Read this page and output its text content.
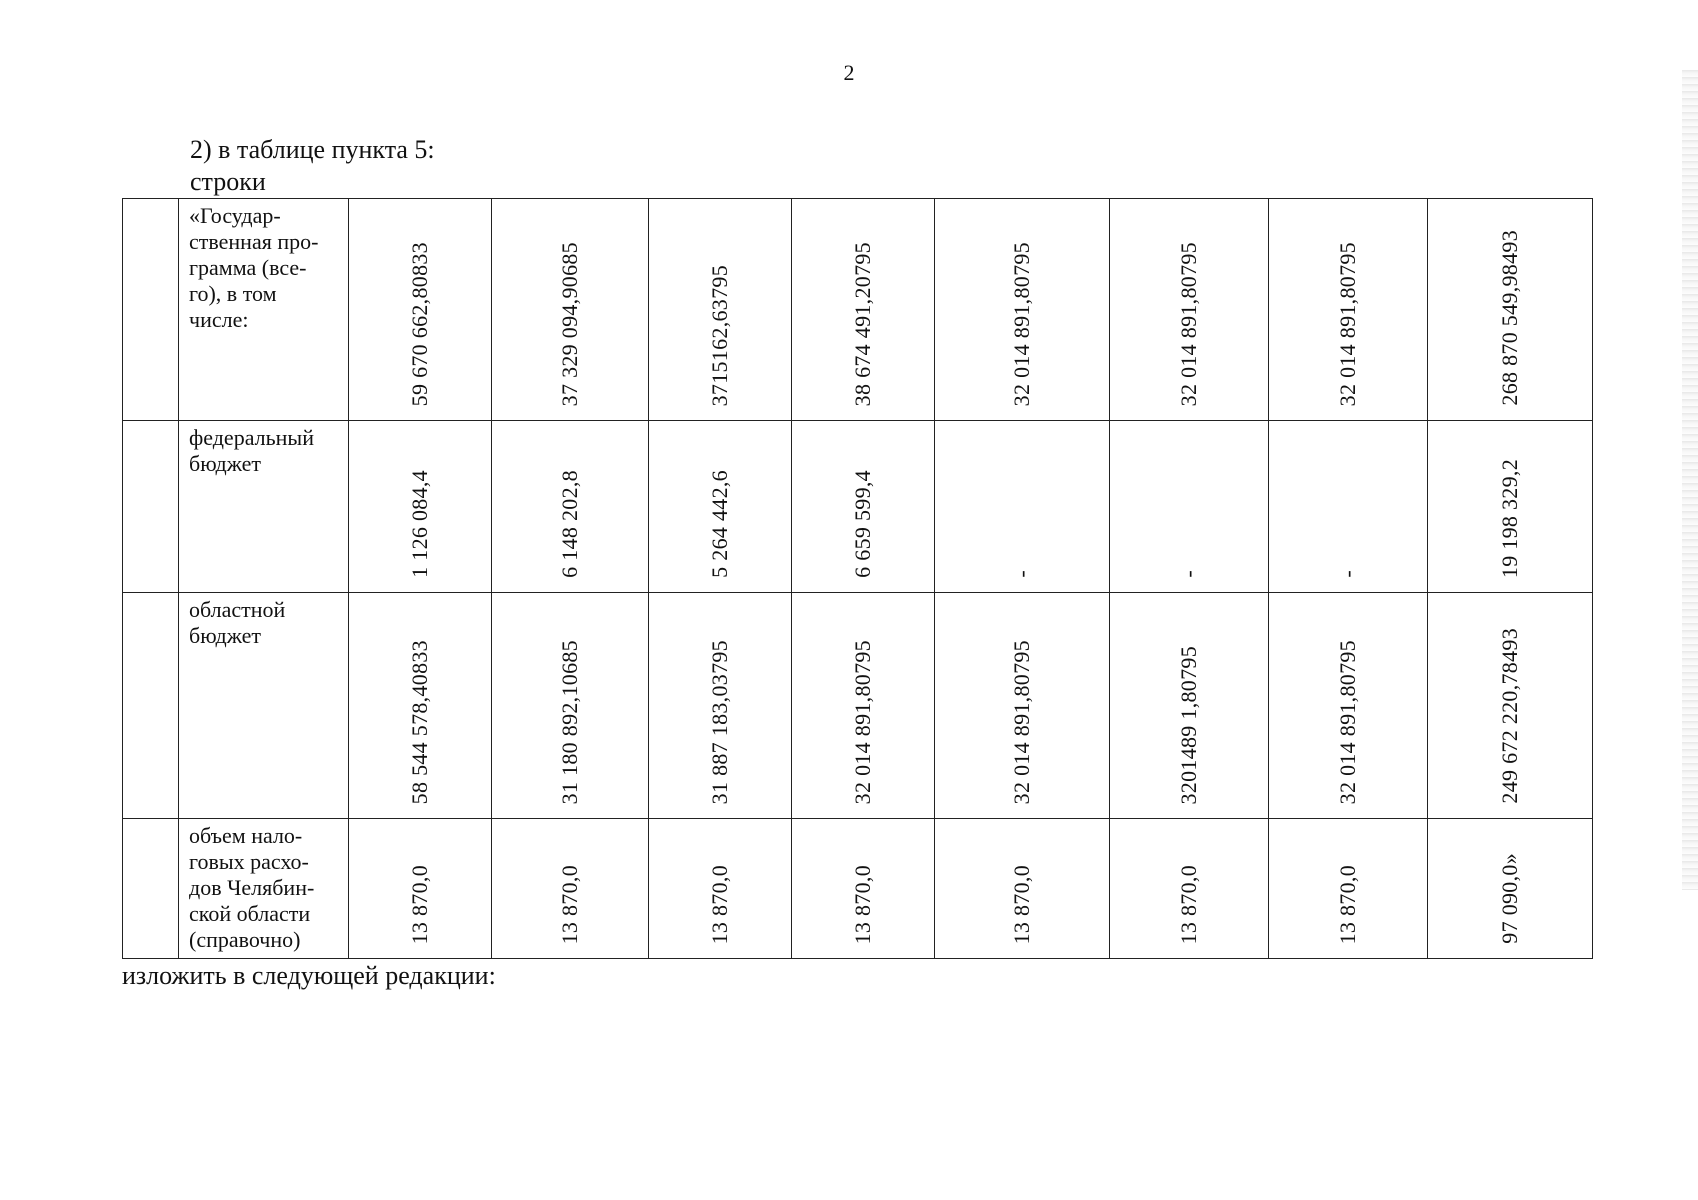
2
2) в таблице пункта 5:
строки

	«Государ-
ственная про-
грамма (все-
го), в том
числе:	59 670 662,80833	37 329 094,90685	3715162,63795	38 674 491,20795	32 014 891,80795	32 014 891,80795	32 014 891,80795	268 870 549,98493

	федеральный
бюджет	1 126 084,4	6 148 202,8	5 264 442,6	6 659 599,4	-	-	-	19 198 329,2

	областной
бюджет	58 544 578,40833	31 180 892,10685	31 887 183,03795	32 014 891,80795	32 014 891,80795	3201489 1,80795	32 014 891,80795	249 672 220,78493

	объем нало-
говых расхо-
дов Челябин-
ской области
(справочно)	13 870,0	13 870,0	13 870,0	13 870,0	13 870,0	13 870,0	13 870,0	97 090,0»
изложить в следующей редакции:
